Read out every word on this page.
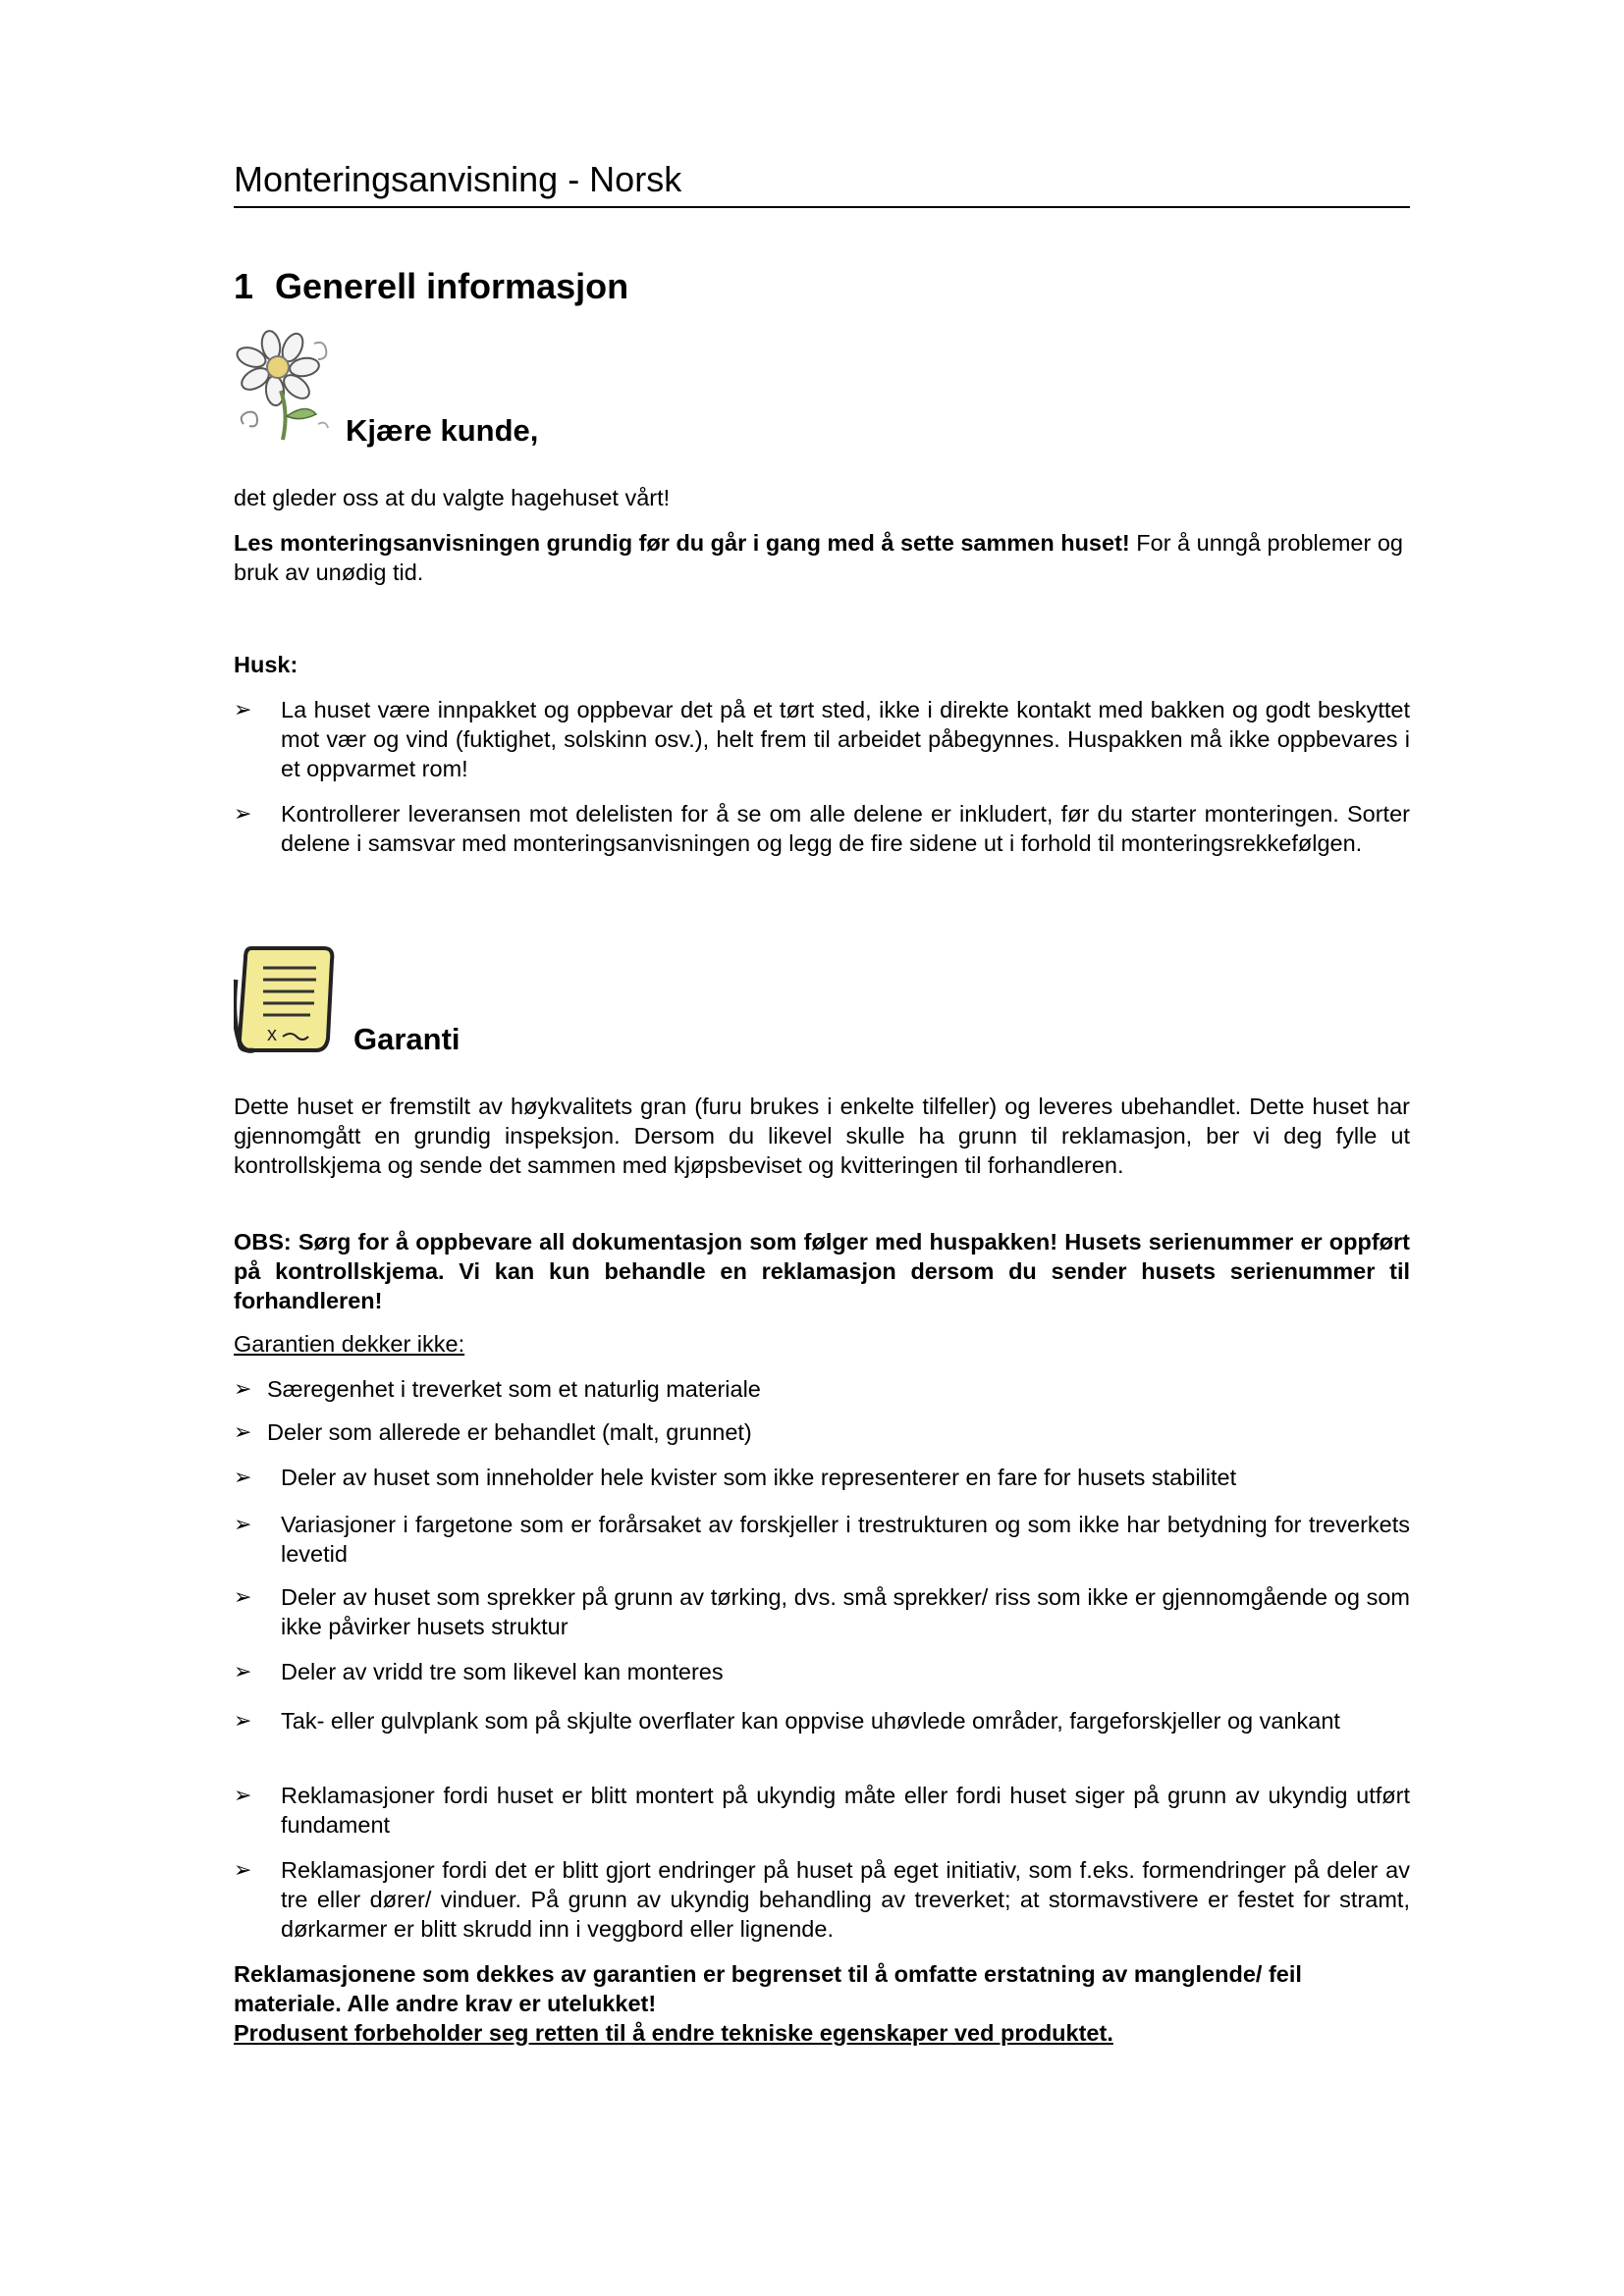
Monteringsanvisning - Norsk
1 Generell informasjon
Kjære kunde,
det gleder oss at du valgte hagehuset vårt!
Les monteringsanvisningen grundig før du går i gang med å sette sammen huset! For å unngå problemer og bruk av unødig tid.
Husk:
➢ La huset være innpakket og oppbevar det på et tørt sted, ikke i direkte kontakt med bakken og godt beskyttet mot vær og vind (fuktighet, solskinn osv.), helt frem til arbeidet påbegynnes. Huspakken må ikke oppbevares i et oppvarmet rom!
➢ Kontrollerer leveransen mot delelisten for å se om alle delene er inkludert, før du starter monteringen. Sorter delene i samsvar med monteringsanvisningen og legg de fire sidene ut i forhold til monteringsrekkefølgen.
x	Garanti
Dette huset er fremstilt av høykvalitets gran (furu brukes i enkelte tilfeller) og leveres ubehandlet. Dette huset har gjennomgått en grundig inspeksjon. Dersom du likevel skulle ha grunn til reklamasjon, ber vi deg fylle ut kontrollskjema og sende det sammen med kjøpsbeviset og kvitteringen til forhandleren.
OBS: Sørg for å oppbevare all dokumentasjon som følger med huspakken! Husets serienummer er oppført på kontrollskjema. Vi kan kun behandle en reklamasjon dersom du sender husets serienummer til forhandleren!
Garantien dekker ikke:
➢ Særegenhet i treverket som et naturlig materiale
➢ Deler som allerede er behandlet (malt, grunnet)
➢ Deler av huset som inneholder hele kvister som ikke representerer en fare for husets stabilitet
➢ Variasjoner i fargetone som er forårsaket av forskjeller i trestrukturen og som ikke har betydning for treverkets levetid
➢ Deler av huset som sprekker på grunn av tørking, dvs. små sprekker/ riss som ikke er gjennomgående og som ikke påvirker husets struktur
➢ Deler av vridd tre som likevel kan monteres
➢ Tak- eller gulvplank som på skjulte overflater kan oppvise uhøvlede områder, fargeforskjeller og vankant
➢ Reklamasjoner fordi huset er blitt montert på ukyndig måte eller fordi huset siger på grunn av ukyndig utført fundament
➢ Reklamasjoner fordi det er blitt gjort endringer på huset på eget initiativ, som f.eks. formendringer på deler av tre eller dører/ vinduer. På grunn av ukyndig behandling av treverket; at stormavstivere er festet for stramt, dørkarmer er blitt skrudd inn i veggbord eller lignende.
Reklamasjonene som dekkes av garantien er begrenset til å omfatte erstatning av manglende/ feil materiale. Alle andre krav er utelukket!
Produsent forbeholder seg retten til å endre tekniske egenskaper ved produktet.
